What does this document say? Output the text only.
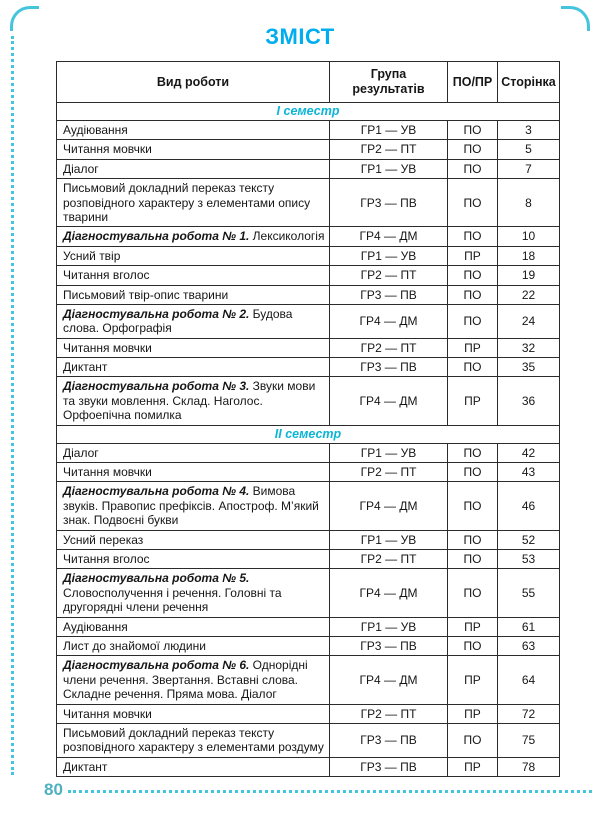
ЗМІСТ
Вид роботи	Група результатів	ПО/ПР	Сторінка
І семестр			
Аудіювання	ГР1 — УВ	ПО	3
Читання мовчки	ГР2 — ПТ	ПО	5
Діалог	ГР1 — УВ	ПО	7
Письмовий докладний переказ тексту розповідного характеру з елементами опису тварини	ГР3 — ПВ	ПО	8
Діагностувальна робота № 1. Лексикологія	ГР4 — ДМ	ПО	10
Усний твір	ГР1 — УВ	ПР	18
Читання вголос	ГР2 — ПТ	ПО	19
Письмовий твір-опис тварини	ГР3 — ПВ	ПО	22
Діагностувальна робота № 2. Будова слова. Орфографія	ГР4 — ДМ	ПО	24
Читання мовчки	ГР2 — ПТ	ПР	32
Диктант	ГР3 — ПВ	ПО	35
Діагностувальна робота № 3. Звуки мови та звуки мовлення. Склад. Наголос. Орфоепічна помилка	ГР4 — ДМ	ПР	36
ІІ семестр			
Діалог	ГР1 — УВ	ПО	42
Читання мовчки	ГР2 — ПТ	ПО	43
Діагностувальна робота № 4. Вимова звуків. Правопис префіксів. Апостроф. М’який знак. Подвоєні букви	ГР4 — ДМ	ПО	46
Усний переказ	ГР1 — УВ	ПО	52
Читання вголос	ГР2 — ПТ	ПО	53
Діагностувальна робота № 5. Словосполучення і речення. Головні та другорядні члени речення	ГР4 — ДМ	ПО	55
Аудіювання	ГР1 — УВ	ПР	61
Лист до знайомої людини	ГР3 — ПВ	ПО	63
Діагностувальна робота № 6. Однорідні члени речення. Звертання. Вставні слова. Складне речення. Пряма мова. Діалог	ГР4 — ДМ	ПР	64
Читання мовчки	ГР2 — ПТ	ПР	72
Письмовий докладний переказ тексту розповідного характеру з елементами роздуму	ГР3 — ПВ	ПО	75
Диктант	ГР3 — ПВ	ПР	78
80
